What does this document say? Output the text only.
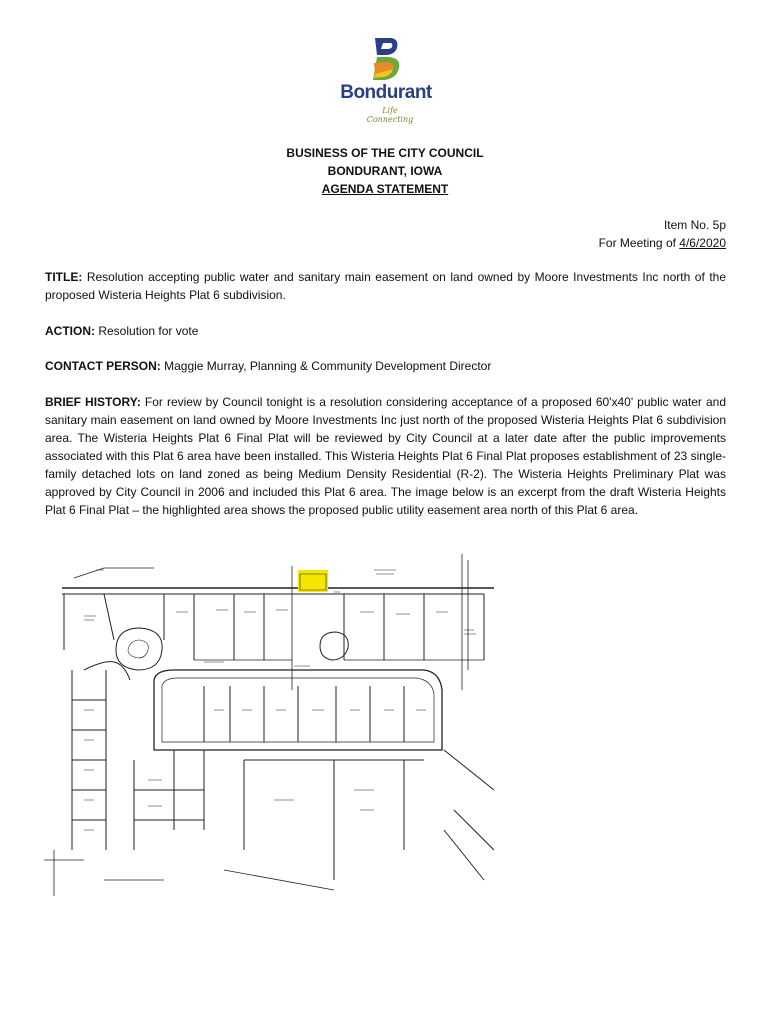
Bondurant
Life Connecting
BUSINESS OF THE CITY COUNCIL
BONDURANT, IOWA
AGENDA STATEMENT
Item No. 5p
For Meeting of 4/6/2020
TITLE: Resolution accepting public water and sanitary main easement on land owned by Moore Investments Inc north of the proposed Wisteria Heights Plat 6 subdivision.
ACTION: Resolution for vote
CONTACT PERSON: Maggie Murray, Planning & Community Development Director
BRIEF HISTORY: For review by Council tonight is a resolution considering acceptance of a proposed 60'x40' public water and sanitary main easement on land owned by Moore Investments Inc just north of the proposed Wisteria Heights Plat 6 subdivision area. The Wisteria Heights Plat 6 Final Plat will be reviewed by City Council at a later date after the public improvements associated with this Plat 6 area have been installed. This Wisteria Heights Plat 6 Final Plat proposes establishment of 23 single-family detached lots on land zoned as being Medium Density Residential (R-2). The Wisteria Heights Preliminary Plat was approved by City Council in 2006 and included this Plat 6 area. The image below is an excerpt from the draft Wisteria Heights Plat 6 Final Plat – the highlighted area shows the proposed public utility easement area north of this Plat 6 area.
